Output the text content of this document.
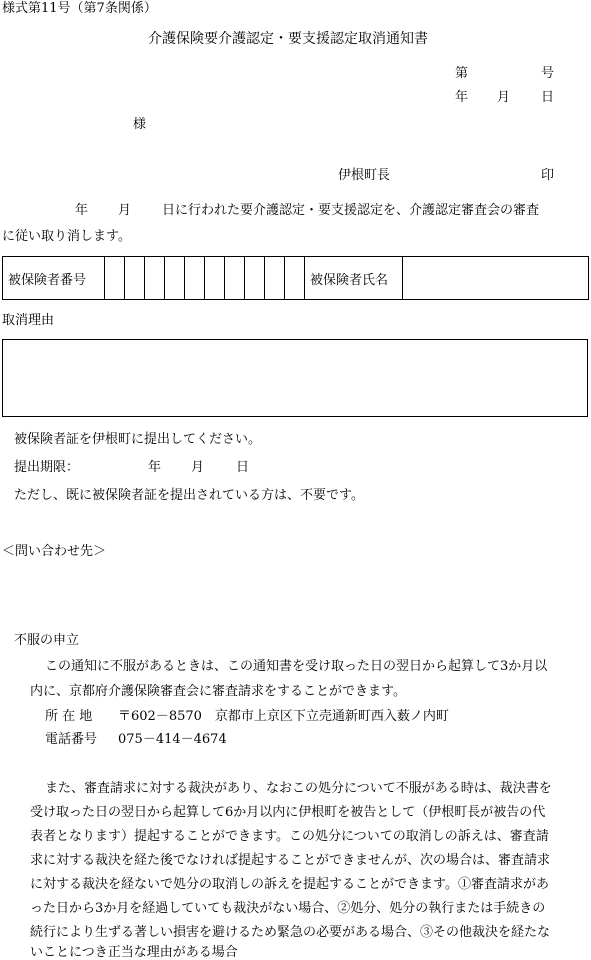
様式第11号（第7条関係）
介護保険要介護認定・要支援認定取消通知書
第	号
年 月 日
様
伊根町長	印
年 月 日に行われた要介護認定・要支援認定を、介護認定審査会の審査
に従い取り消します。
被保険者番号											被保険者氏名	
取消理由
被保険者証を伊根町に提出してください。
提出期限：	年 月 日
ただし、既に被保険者証を提出されている方は、不要です。
＜問い合わせ先＞
不服の申立
この通知に不服があるときは、この通知書を受け取った日の翌日から起算して3か月以
内に、京都府介護保険審査会に審査請求をすることができます。
所 在 地 〒602－8570　京都市上京区下立売通新町西入薮ノ内町
電話番号 075－414－4674
また、審査請求に対する裁決があり、なおこの処分について不服がある時は、裁決書を
受け取った日の翌日から起算して6か月以内に伊根町を被告として（伊根町長が被告の代
表者となります）提起することができます。この処分についての取消しの訴えは、審査請
求に対する裁決を経た後でなければ提起することができませんが、次の場合は、審査請求
に対する裁決を経ないで処分の取消しの訴えを提起することができます。①審査請求があ
った日から3か月を経過していても裁決がない場合、②処分、処分の執行または手続きの
続行により生ずる著しい損害を避けるため緊急の必要がある場合、③その他裁決を経たな
いことにつき正当な理由がある場合
